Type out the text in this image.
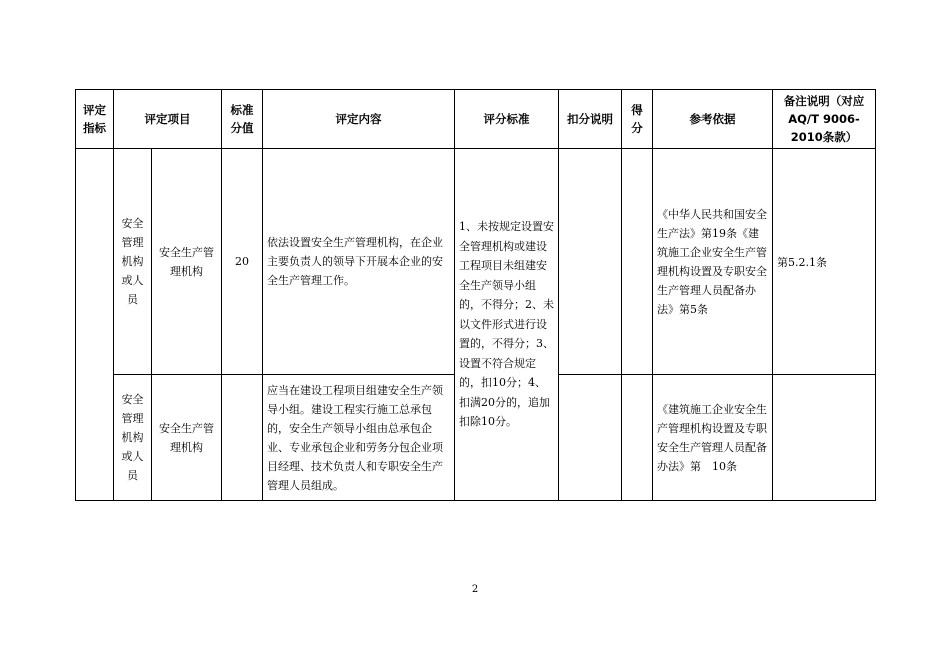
评定指标	评定项目		标准分值	评定内容	评分标准	扣分说明	得分	参考依据	备注说明（对应AQ/T 9006-2010条款）
	安全管理机构或人员	安全生产管理机构	20	依法设置安全生产管理机构，在企业主要负责人的领导下开展本企业的安全生产管理工作。	1、未按规定设置安全管理机构或建设工程项目未组建安全生产领导小组的，不得分；2、未以文件形式进行设置的，不得分；3、设置不符合规定的，扣10分；4、扣满20分的，追加扣除10分。			《中华人民共和国安全生产法》第19条《建筑施工企业安全生产管理机构设置及专职安全生产管理人员配备办法》第5条	第5.2.1条
	安全管理机构或人员	安全生产管理机构		应当在建设工程项目组建安全生产领导小组。建设工程实行施工总承包的，安全生产领导小组由总承包企业、专业承包企业和劳务分包企业项目经理、技术负责人和专职安全生产管理人员组成。				《建筑施工企业安全生产管理机构设置及专职安全生产管理人员配备办法》第　10条	
2
